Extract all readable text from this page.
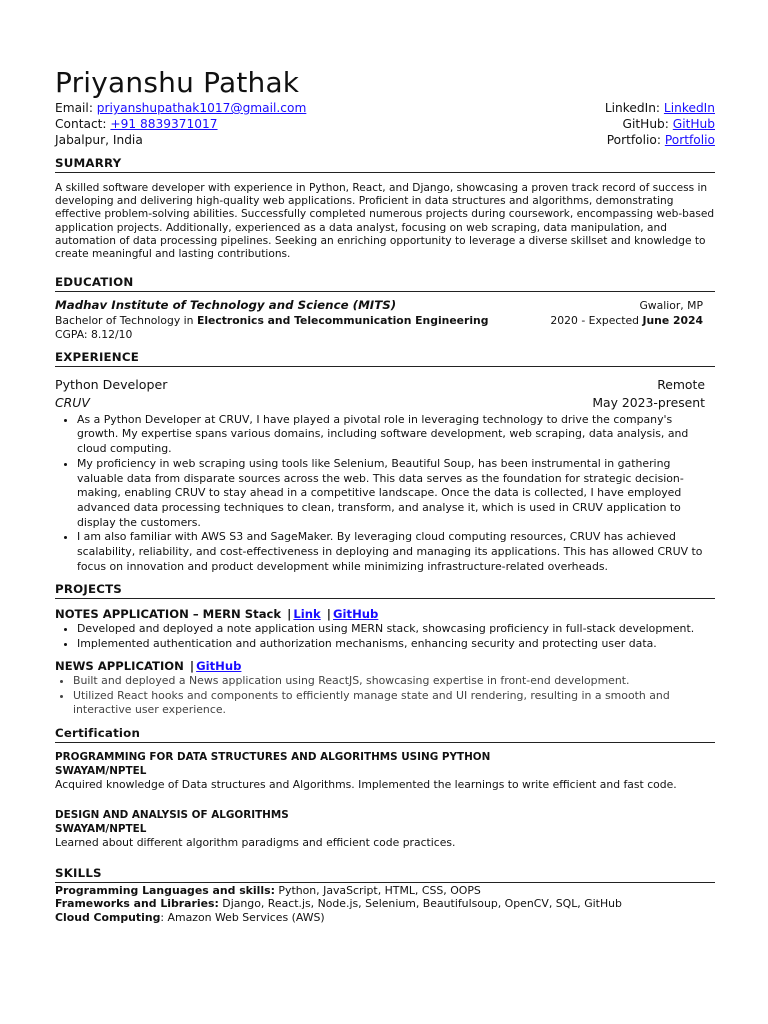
Priyanshu Pathak
Email: priyanshupathak1017@gmail.com
Contact: +91 8839371017
Jabalpur, India
LinkedIn: LinkedIn
GitHub: GitHub
Portfolio: Portfolio
SUMARRY
A skilled software developer with experience in Python, React, and Django, showcasing a proven track record of success in developing and delivering high-quality web applications. Proficient in data structures and algorithms, demonstrating effective problem-solving abilities. Successfully completed numerous projects during coursework, encompassing web-based application projects. Additionally, experienced as a data analyst, focusing on web scraping, data manipulation, and automation of data processing pipelines. Seeking an enriching opportunity to leverage a diverse skillset and knowledge to create meaningful and lasting contributions.
EDUCATION
Madhav Institute of Technology and Science (MITS)	Gwalior, MP
Bachelor of Technology in Electronics and Telecommunication Engineering	2020 - Expected June 2024
CGPA: 8.12/10
EXPERIENCE
Python Developer	Remote
CRUV	May 2023-present
• As a Python Developer at CRUV, I have played a pivotal role in leveraging technology to drive the company's growth. My expertise spans various domains, including software development, web scraping, data analysis, and cloud computing.
• My proficiency in web scraping using tools like Selenium, Beautiful Soup, has been instrumental in gathering valuable data from disparate sources across the web. This data serves as the foundation for strategic decision-making, enabling CRUV to stay ahead in a competitive landscape. Once the data is collected, I have employed advanced data processing techniques to clean, transform, and analyse it, which is used in CRUV application to display the customers.
• I am also familiar with AWS S3 and SageMaker. By leveraging cloud computing resources, CRUV has achieved scalability, reliability, and cost-effectiveness in deploying and managing its applications. This has allowed CRUV to focus on innovation and product development while minimizing infrastructure-related overheads.
PROJECTS
NOTES APPLICATION – MERN Stack | Link | GitHub
• Developed and deployed a note application using MERN stack, showcasing proficiency in full-stack development.
• Implemented authentication and authorization mechanisms, enhancing security and protecting user data.
NEWS APPLICATION | GitHub
• Built and deployed a News application using ReactJS, showcasing expertise in front-end development.
• Utilized React hooks and components to efficiently manage state and UI rendering, resulting in a smooth and interactive user experience.
Certification
PROGRAMMING FOR DATA STRUCTURES AND ALGORITHMS USING PYTHON
SWAYAM/NPTEL
Acquired knowledge of Data structures and Algorithms. Implemented the learnings to write efficient and fast code.
DESIGN AND ANALYSIS OF ALGORITHMS
SWAYAM/NPTEL
Learned about different algorithm paradigms and efficient code practices.
SKILLS
Programming Languages and skills: Python, JavaScript, HTML, CSS, OOPS
Frameworks and Libraries: Django, React.js, Node.js, Selenium, Beautifulsoup, OpenCV, SQL, GitHub
Cloud Computing: Amazon Web Services (AWS)
